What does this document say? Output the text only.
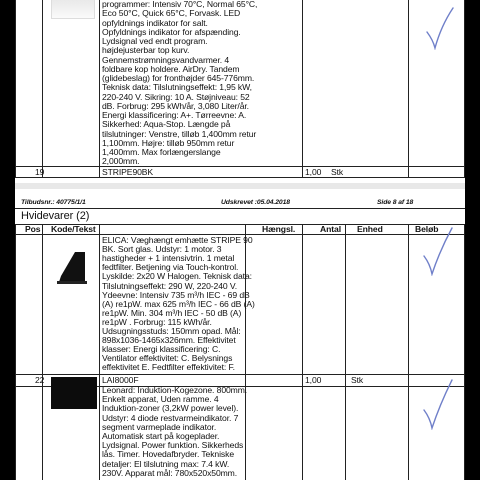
programmer: Intensiv 70°C, Normal 65°C,
Eco 50°C, Quick 65°C, Forvask. LED
opfyldnings indikator for salt.
Opfyldnings indikator for afspænding.
Lydsignal ved endt program.
højdejusterbar top kurv.
Gennemstrømningsvandvarmer. 4
foldbare kop holdere. AirDry. Tandem
(glidebeslag) for fronthøjder 645-776mm.
Teknisk data: Tilslutningseffekt: 1,95 kW,
220-240 V. Sikring: 10 A. Støjniveau: 52
dB. Forbrug: 295 kWh/år, 3,080 Liter/år.
Energi klassificering: A+. Tørreevne: A.
Sikkerhed: Aqua-Stop. Længde på
tilslutninger: Venstre, tilløb 1,400mm retur
1,100mm. Højre: tilløb 950mm retur
1,400mm. Max forlængerslange
2,000mm.
19	STRIPE90BK	1,00 Stk
Tilbudsnr.: 40775/1/1	Udskrevet :05.04.2018	Side 8 af 18
Hvidevarer (2)
Pos Kode/Tekst	Hængsl.	Antal Enhed	Beløb
ELICA: Væghængt emhætte STRIPE 90
BK. Sort glas. Udstyr: 1 motor. 3
hastigheder + 1 intensivtrin. 1 metal
fedtfilter. Betjening via Touch-kontrol.
Lyskilde: 2x20 W Halogen. Teknisk data:
Tilslutningseffekt: 290 W, 220-240 V.
Ydeevne: Intensiv 735 m³/h IEC - 69 dB
(A) re1pW. max 625 m³/h IEC - 66 dB (A)
re1pW. Min. 304 m³/h IEC - 50 dB (A)
re1pW . Forbrug: 115 kWh/år.
Udsugningsstuds: 150mm opad. Mål:
898x1036-1465x326mm. Effektivitet
klasser: Energi klassificering: C.
Ventilator effektivitet: C. Belysnings
effektivitet E. Fedtfilter effektivitet: F.
22	LAI8000F	1,00	Stk
Leonard: Induktion-Kogezone. 800mm.
Enkelt apparat, Uden ramme. 4
Induktion-zoner (3,2kW power level).
Udstyr: 4 diode restvarmeindikator. 7
segment varmeplade indikator.
Automatisk start på kogeplader.
Lydsignal. Power funktion. Sikkerheds
lås. Timer. Hovedafbryder. Tekniske
detaljer: El tilslutning max: 7.4 kW.
230V. Apparat mål: 780x520x50mm.
